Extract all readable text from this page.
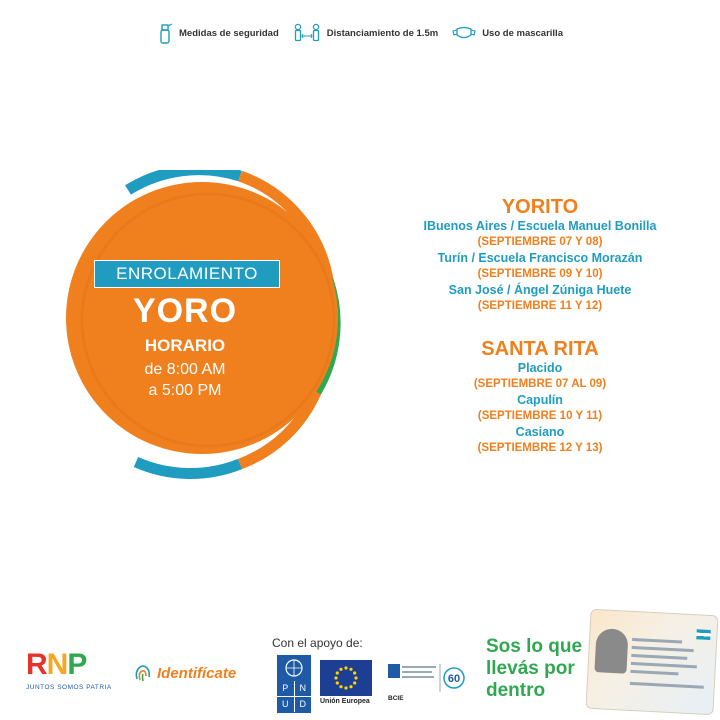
Medidas de seguridad	Distanciamiento de 1.5m	Uso de mascarilla
ENROLAMIENTO
YORO
HORARIO
de 8:00 AM
a 5:00 PM
YORITO
IBuenos Aires / Escuela Manuel Bonilla
(SEPTIEMBRE 07 Y 08)
Turín / Escuela Francisco Morazán
(SEPTIEMBRE 09 Y 10)
San José / Ángel Zúniga Huete
(SEPTIEMBRE 11 Y 12)
SANTA RITA
Placido
(SEPTIEMBRE 07 AL 09)
Capulín
(SEPTIEMBRE 10 Y 11)
Casiano
(SEPTIEMBRE 12 Y 13)
R N P
JUNTOS SOMOS PATRIA
Identifícate
Con el apoyo de:
P	N
U	D	Unión Europea
60
BCIE
Sos lo que llevás por dentro
